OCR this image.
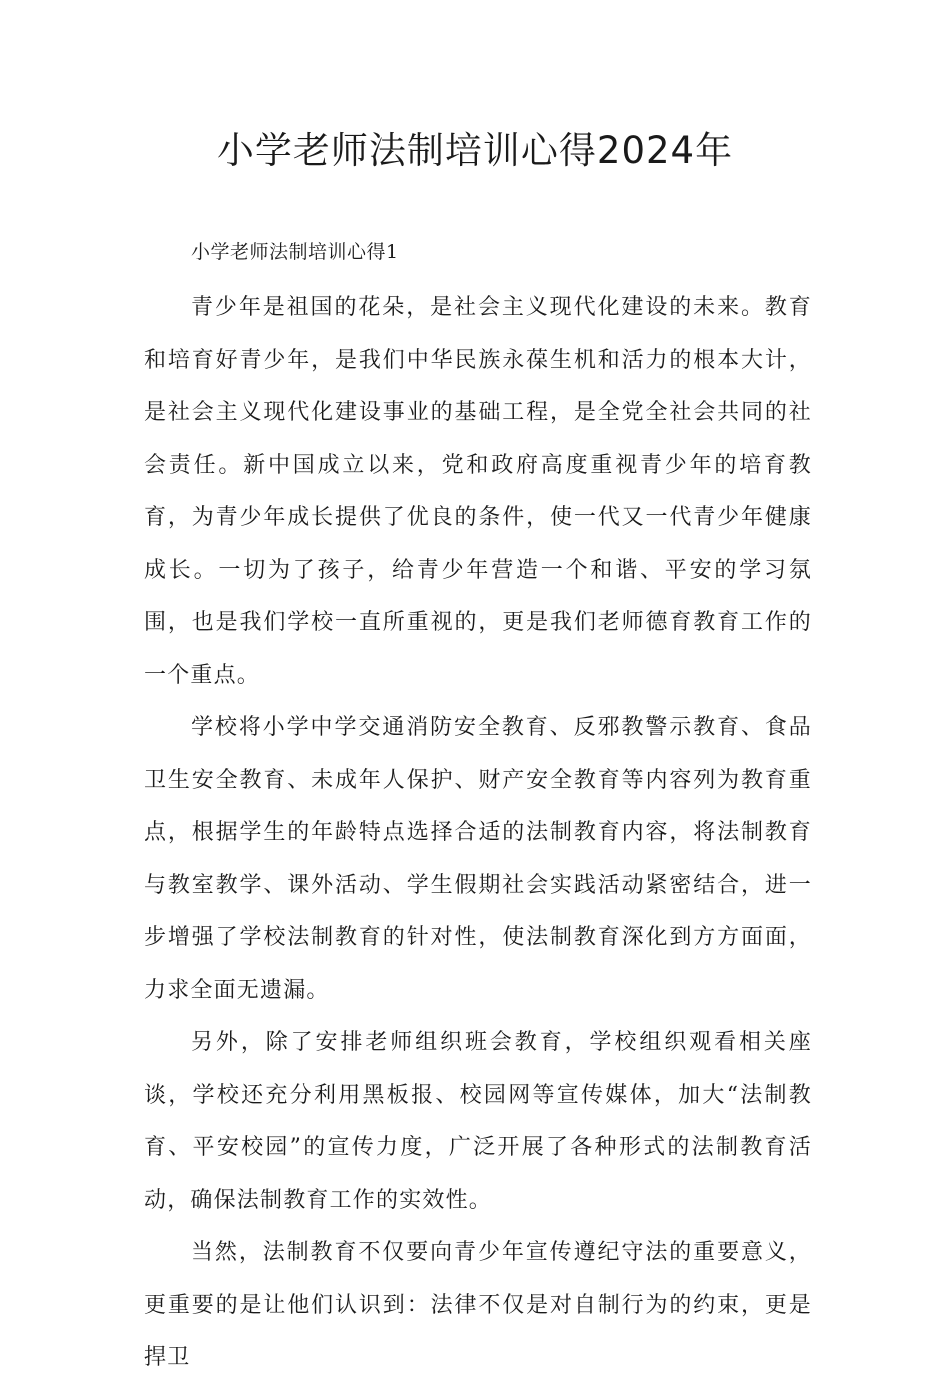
小学老师法制培训心得2024年

小学老师法制培训心得1

青少年是祖国的花朵，是社会主义现代化建设的未来。教育和培育好青少年，是我们中华民族永葆生机和活力的根本大计，是社会主义现代化建设事业的基础工程，是全党全社会共同的社会责任。新中国成立以来，党和政府高度重视青少年的培育教育，为青少年成长提供了优良的条件，使一代又一代青少年健康成长。一切为了孩子，给青少年营造一个和谐、平安的学习氛围，也是我们学校一直所重视的，更是我们老师德育教育工作的一个重点。

学校将小学中学交通消防安全教育、反邪教警示教育、食品卫生安全教育、未成年人保护、财产安全教育等内容列为教育重点，根据学生的年龄特点选择合适的法制教育内容，将法制教育与教室教学、课外活动、学生假期社会实践活动紧密结合，进一步增强了学校法制教育的针对性，使法制教育深化到方方面面，力求全面无遗漏。

另外，除了安排老师组织班会教育，学校组织观看相关座谈，学校还充分利用黑板报、校园网等宣传媒体，加大“法制教育、平安校园”的宣传力度，广泛开展了各种形式的法制教育活动，确保法制教育工作的实效性。

当然，法制教育不仅要向青少年宣传遵纪守法的重要意义，更重要的是让他们认识到：法律不仅是对自制行为的约束，更是捍卫
